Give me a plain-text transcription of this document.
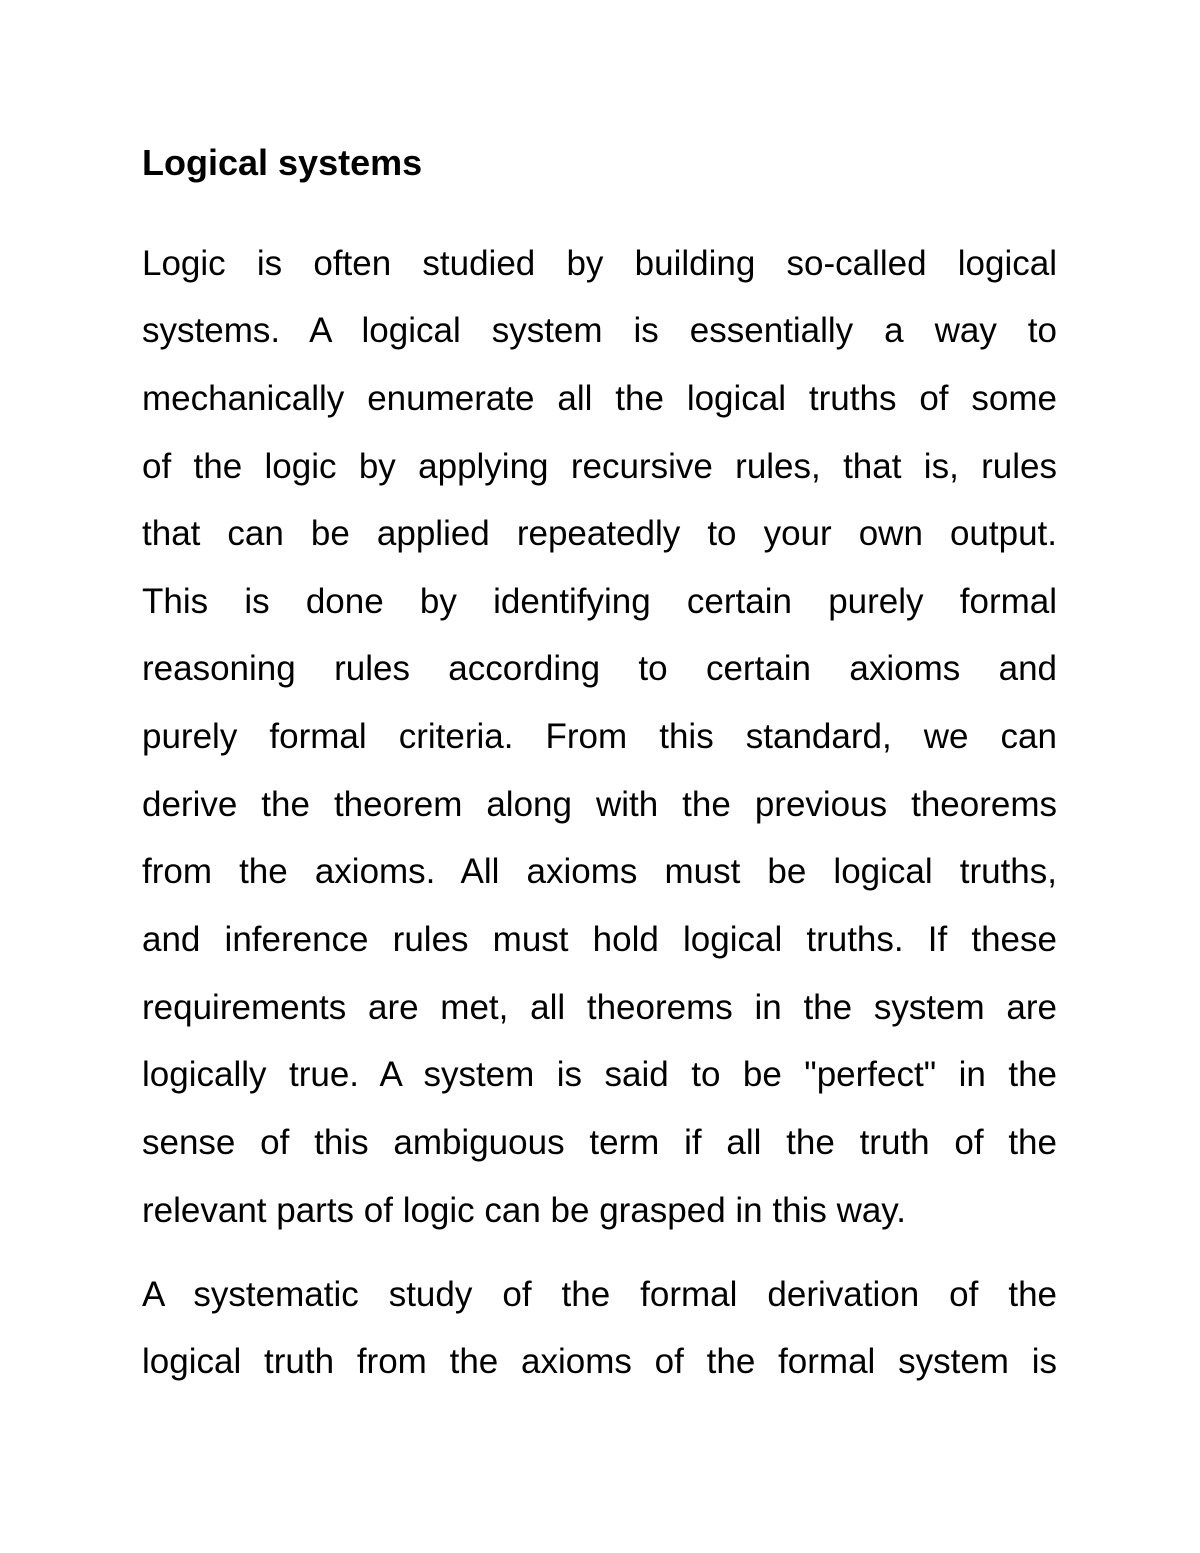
Logical systems
Logic is often studied by building so-called logical
systems. A logical system is essentially a way to
mechanically enumerate all the logical truths of some
of the logic by applying recursive rules, that is, rules
that can be applied repeatedly to your own output.
This is done by identifying certain purely formal
reasoning rules according to certain axioms and
purely formal criteria. From this standard, we can
derive the theorem along with the previous theorems
from the axioms. All axioms must be logical truths,
and inference rules must hold logical truths. If these
requirements are met, all theorems in the system are
logically true. A system is said to be "perfect" in the
sense of this ambiguous term if all the truth of the
relevant parts of logic can be grasped in this way.
A systematic study of the formal derivation of the
logical truth from the axioms of the formal system is
